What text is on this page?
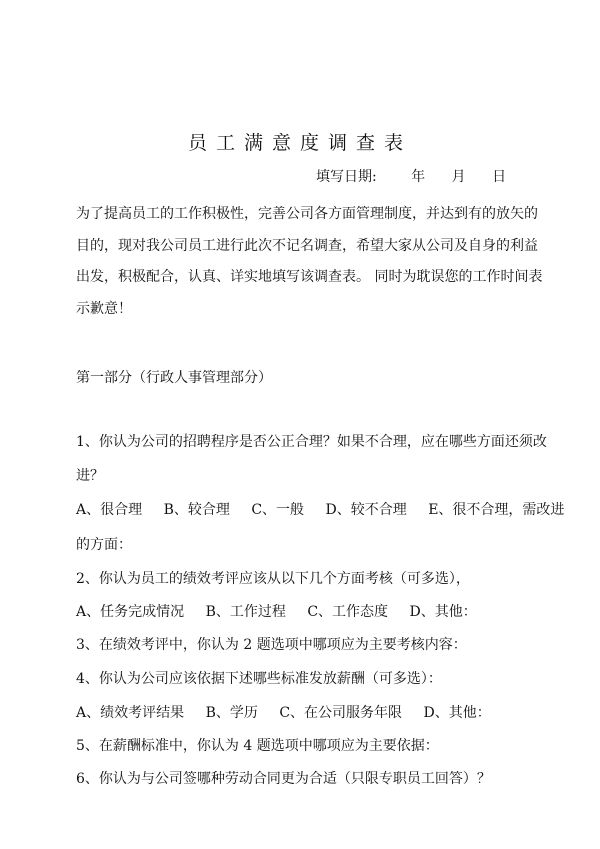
员工满意度调查表
填写日期: 年 月 日
为了提高员工的工作积极性，完善公司各方面管理制度，并达到有的放矢的
目的，现对我公司员工进行此次不记名调查，希望大家从公司及自身的利益
出发，积极配合，认真、详实地填写该调查表。 同时为耽误您的工作时间表
示歉意！
第一部分（行政人事管理部分）
1、你认为公司的招聘程序是否公正合理？如果不合理，应在哪些方面还须改
进？
A、很合理 B、较合理 C、一般 D、较不合理 E、很不合理，需改进
的方面：
2、你认为员工的绩效考评应该从以下几个方面考核（可多选），
A、任务完成情况 B、工作过程 C、工作态度 D、其他：
3、在绩效考评中，你认为 2 题选项中哪项应为主要考核内容：
4、你认为公司应该依据下述哪些标准发放薪酬（可多选）：
A、绩效考评结果 B、学历 C、在公司服务年限 D、其他：
5、在薪酬标准中，你认为 4 题选项中哪项应为主要依据：
6、你认为与公司签哪种劳动合同更为合适（只限专职员工回答）？
